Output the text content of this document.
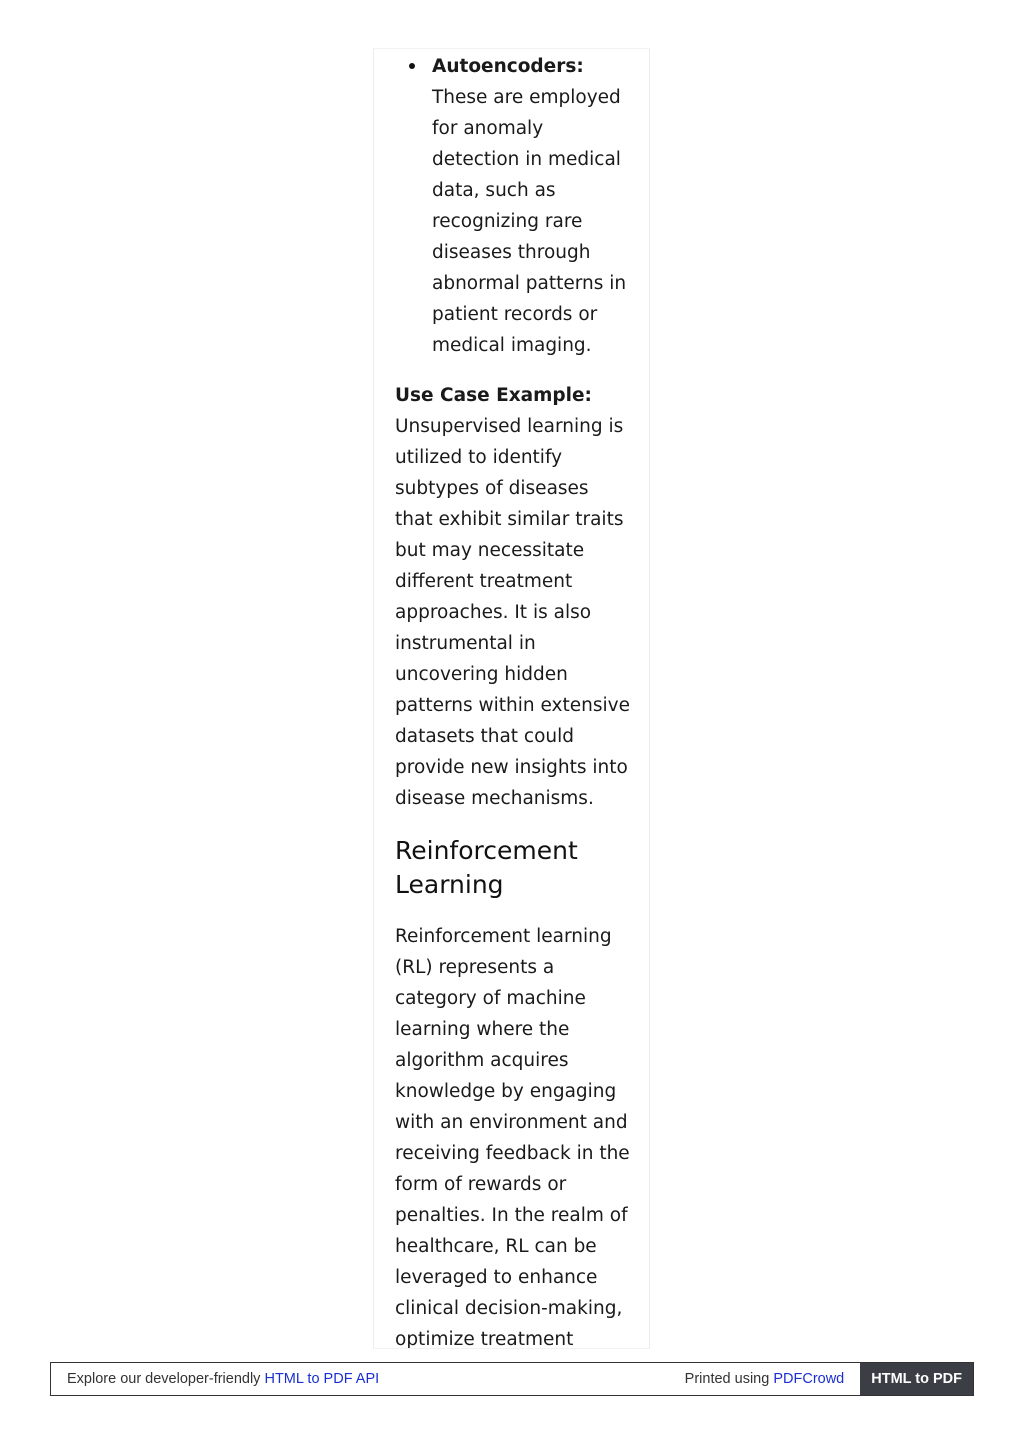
Autoencoders: These are employed for anomaly detection in medical data, such as recognizing rare diseases through abnormal patterns in patient records or medical imaging.

Use Case Example: Unsupervised learning is utilized to identify subtypes of diseases that exhibit similar traits but may necessitate different treatment approaches. It is also instrumental in uncovering hidden patterns within extensive datasets that could provide new insights into disease mechanisms.

Reinforcement Learning

Reinforcement learning (RL) represents a category of machine learning where the algorithm acquires knowledge by engaging with an environment and receiving feedback in the form of rewards or penalties. In the realm of healthcare, RL can be leveraged to enhance clinical decision-making, optimize treatment

Explore our developer-friendly HTML to PDF API	Printed using PDFCrowd	HTML to PDF
